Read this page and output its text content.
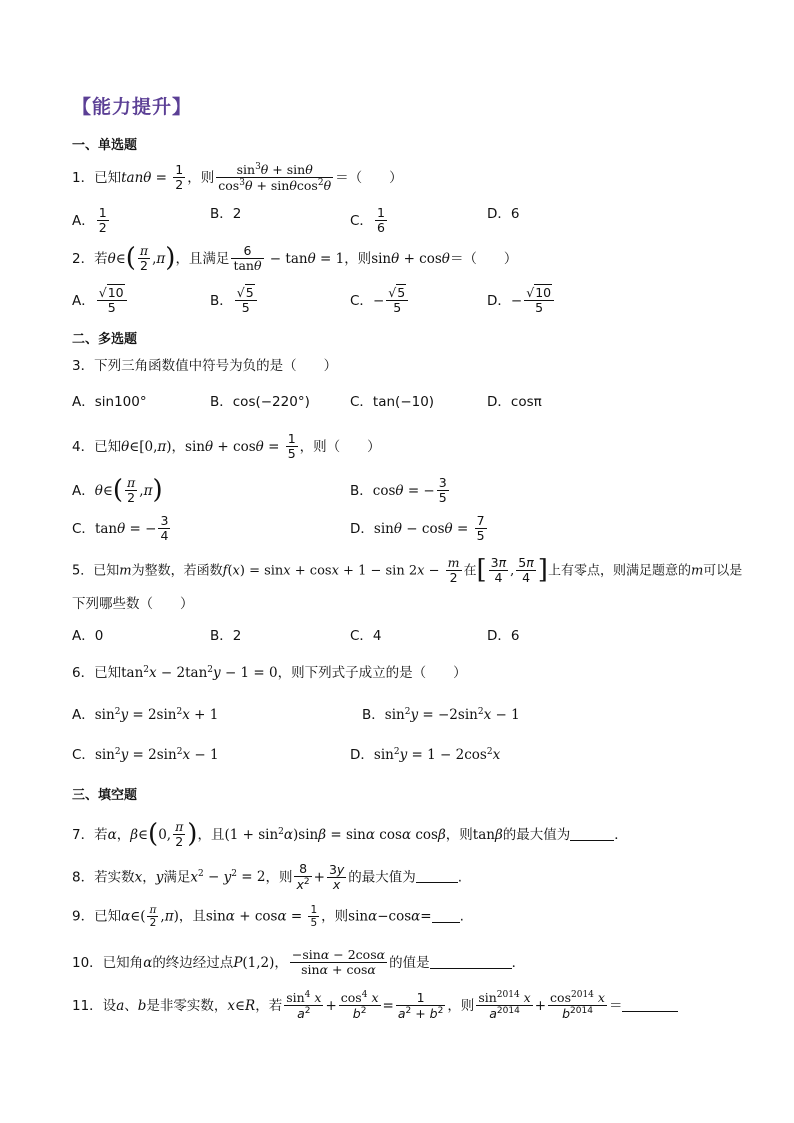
【能力提升】
一、单选题
1．已知$\tan\theta = \frac{1}{2}$ ，则 $\frac{\sin^3\theta + \sin\theta}{\cos^3\theta + \sin\theta\cos^2\theta}$ ＝（　　）
A． $\frac{1}{2}$	B．2	C． $\frac{1}{6}$	D．6
2．若θ∈( $\frac{\pi}{2} ,\pi$)，且满足 $\frac{6}{\tan\theta} - \tan\theta = 1$，则sinθ + cosθ＝（　　）
A． $\frac{√10}{5}$	B． $\frac{√5}{5}$	C．− $\frac{√5}{5}$	D．− $\frac{√10}{5}$
二、多选题
3．下列三角函数值中符号为负的是（　　）
A．sin100°	B．cos(−220°)	C．tan(−10)	D．cosπ
4．已知θ∈[0,π)，$\sin\theta + \cos\theta = \frac{1}{5}$ ，则（　　）
A．θ∈( $\frac{\pi}{2} ,\pi$)	B．cosθ = − $\frac{3}{5}$
C．tanθ = − $\frac{3}{4}$	D．$\sin\theta - \cos\theta = \frac{7}{5}$
5．已知m为整数，若函数$f(x) = \sin x + \cos x + 1 - \sin 2x - \frac{m}{2}$ 在[ $\frac{3\pi}{4}$ , $\frac{5\pi}{4}$ ]上有零点，则满足题意的m可以是
下列哪些数（　　）
A．0	B．2	C．4	D．6
6．已知$\tan^2x - 2\tan^2y - 1 = 0$，则下列式子成立的是（　　）
A．$\sin^2y = 2\sin^2x + 1$	B．$\sin^2y = -2\sin^2x - 1$
C．$\sin^2y = 2\sin^2x - 1$	D．$\sin^2y = 1 - 2\cos^2x$
三、填空题
7．若α，β∈(0, $\frac{\pi}{2}$ )，且$(1 + \sin^2\alpha)\sin\beta = \sin\alpha$ cosα cosβ，则tanβ的最大值为	．
8．若实数x，y满足$x^2 - y^2 = 2$，则 $\frac{8}{x^2} + \frac{3y}{x}$ 的最大值为	.
9．已知α∈( $\frac{\pi}{2} ,\pi$)，且$\sin\alpha + \cos\alpha = \frac{1}{5}$ ，则sinα−cosα= .
10．已知角α的终边经过点P(1,2)， $\frac{-\sin\alpha - 2\cos\alpha}{\sin\alpha + \cos\alpha}$ 的值是	．
11．设a、b是非零实数，x∈R，若 $\frac{\sin^4 x}{a^2} + \frac{\cos^4 x}{b^2} = \frac{1}{a^2 + b^2}$ ，则 $\frac{\sin^{2014} x}{a^{2014}} + \frac{\cos^{2014} x}{b^{2014}}$ ＝
